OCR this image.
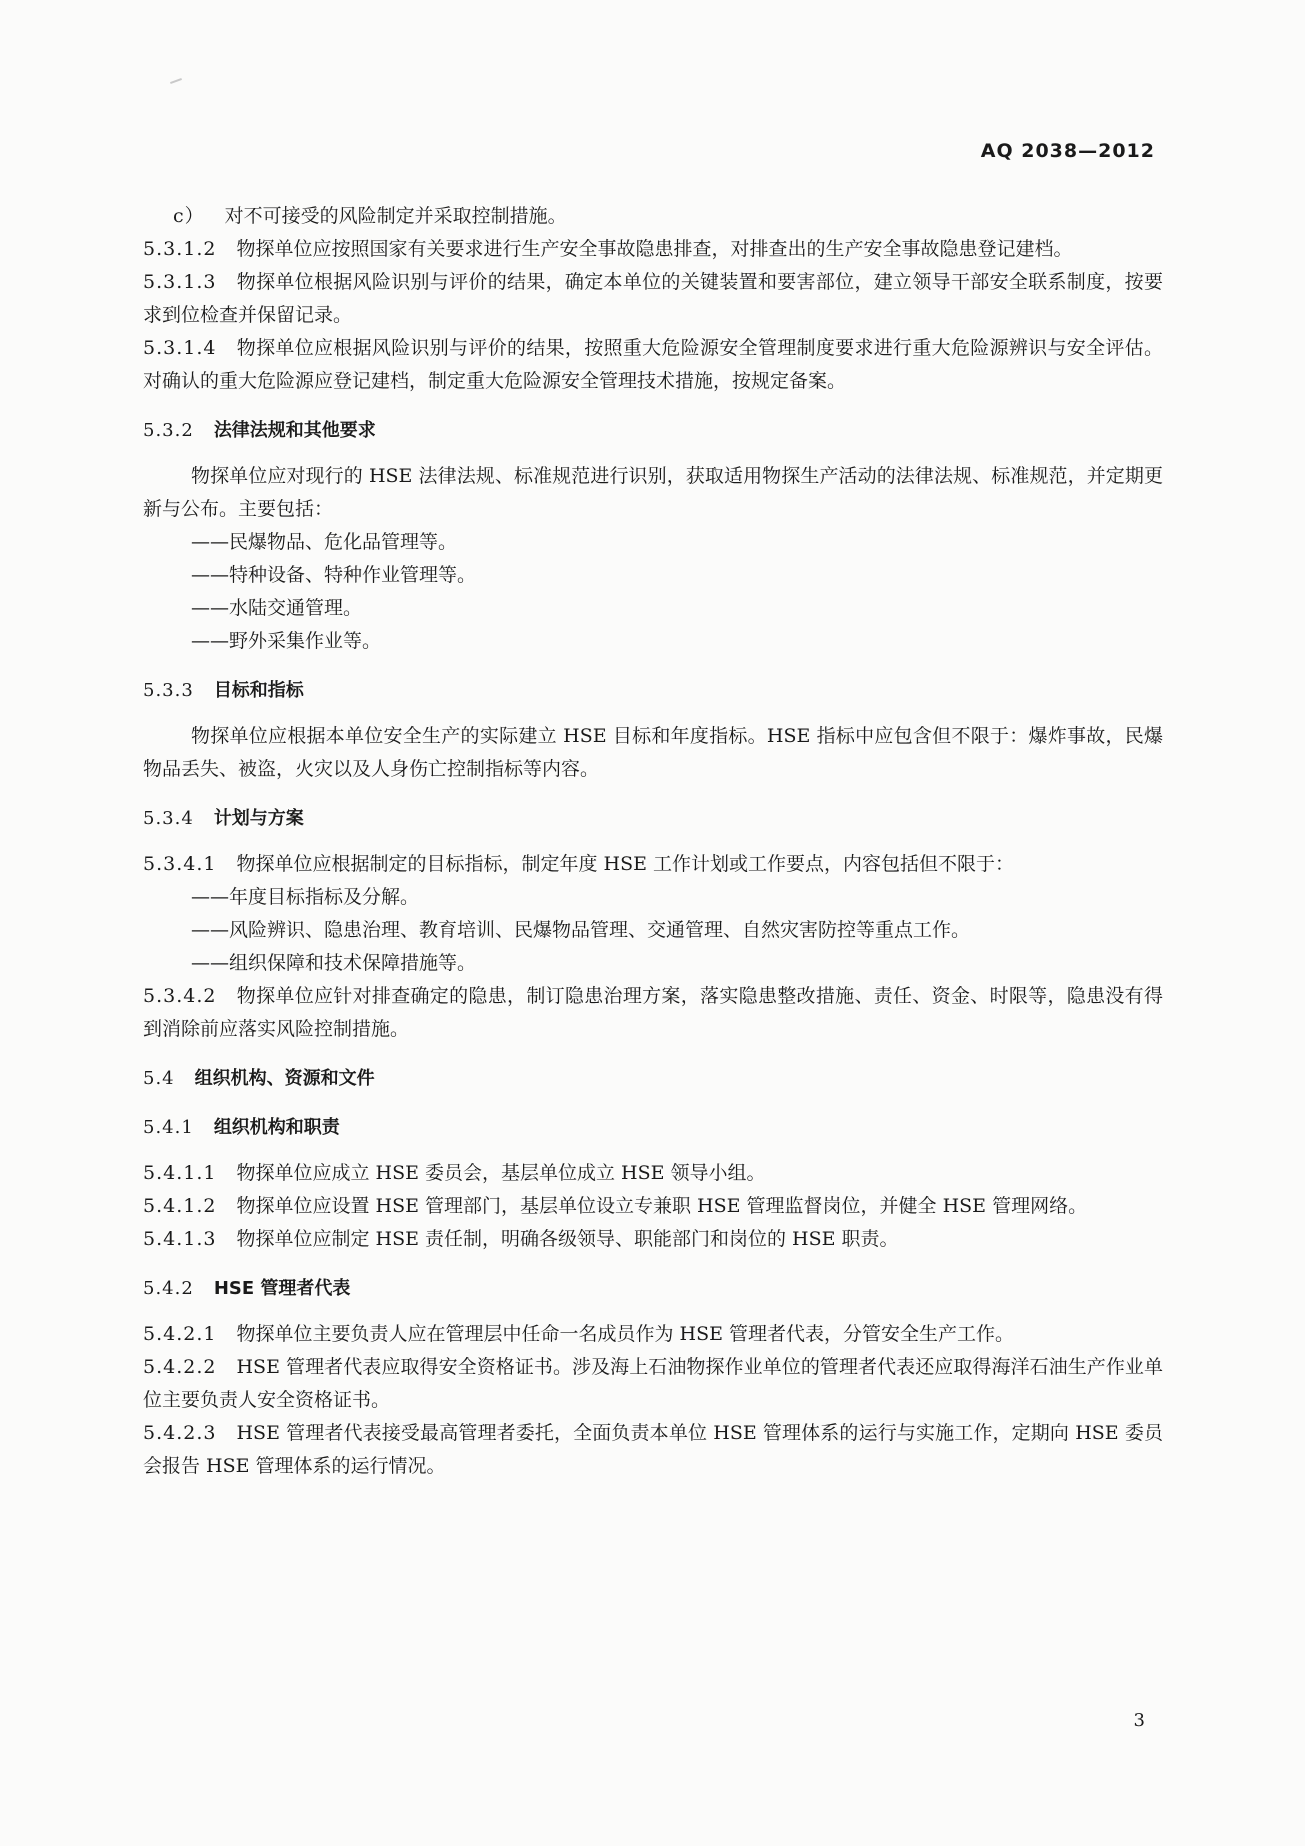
AQ 2038—2012

c） 对不可接受的风险制定并采取控制措施。

5.3.1.2 物探单位应按照国家有关要求进行生产安全事故隐患排查，对排查出的生产安全事故隐患登记建档。

5.3.1.3 物探单位根据风险识别与评价的结果，确定本单位的关键装置和要害部位，建立领导干部安全联系制度，按要求到位检查并保留记录。

5.3.1.4 物探单位应根据风险识别与评价的结果，按照重大危险源安全管理制度要求进行重大危险源辨识与安全评估。对确认的重大危险源应登记建档，制定重大危险源安全管理技术措施，按规定备案。

5.3.2 法律法规和其他要求

物探单位应对现行的 HSE 法律法规、标准规范进行识别，获取适用物探生产活动的法律法规、标准规范，并定期更新与公布。主要包括：

——民爆物品、危化品管理等。

——特种设备、特种作业管理等。

——水陆交通管理。

——野外采集作业等。

5.3.3 目标和指标

物探单位应根据本单位安全生产的实际建立 HSE 目标和年度指标。HSE 指标中应包含但不限于：爆炸事故，民爆物品丢失、被盗，火灾以及人身伤亡控制指标等内容。

5.3.4 计划与方案

5.3.4.1 物探单位应根据制定的目标指标，制定年度 HSE 工作计划或工作要点，内容包括但不限于：

——年度目标指标及分解。

——风险辨识、隐患治理、教育培训、民爆物品管理、交通管理、自然灾害防控等重点工作。

——组织保障和技术保障措施等。

5.3.4.2 物探单位应针对排查确定的隐患，制订隐患治理方案，落实隐患整改措施、责任、资金、时限等，隐患没有得到消除前应落实风险控制措施。

5.4 组织机构、资源和文件
5.4.1 组织机构和职责

5.4.1.1 物探单位应成立 HSE 委员会，基层单位成立 HSE 领导小组。

5.4.1.2 物探单位应设置 HSE 管理部门，基层单位设立专兼职 HSE 管理监督岗位，并健全 HSE 管理网络。

5.4.1.3 物探单位应制定 HSE 责任制，明确各级领导、职能部门和岗位的 HSE 职责。

5.4.2 HSE 管理者代表

5.4.2.1 物探单位主要负责人应在管理层中任命一名成员作为 HSE 管理者代表，分管安全生产工作。

5.4.2.2 HSE 管理者代表应取得安全资格证书。涉及海上石油物探作业单位的管理者代表还应取得海洋石油生产作业单位主要负责人安全资格证书。

5.4.2.3 HSE 管理者代表接受最高管理者委托，全面负责本单位 HSE 管理体系的运行与实施工作，定期向 HSE 委员会报告 HSE 管理体系的运行情况。

3
